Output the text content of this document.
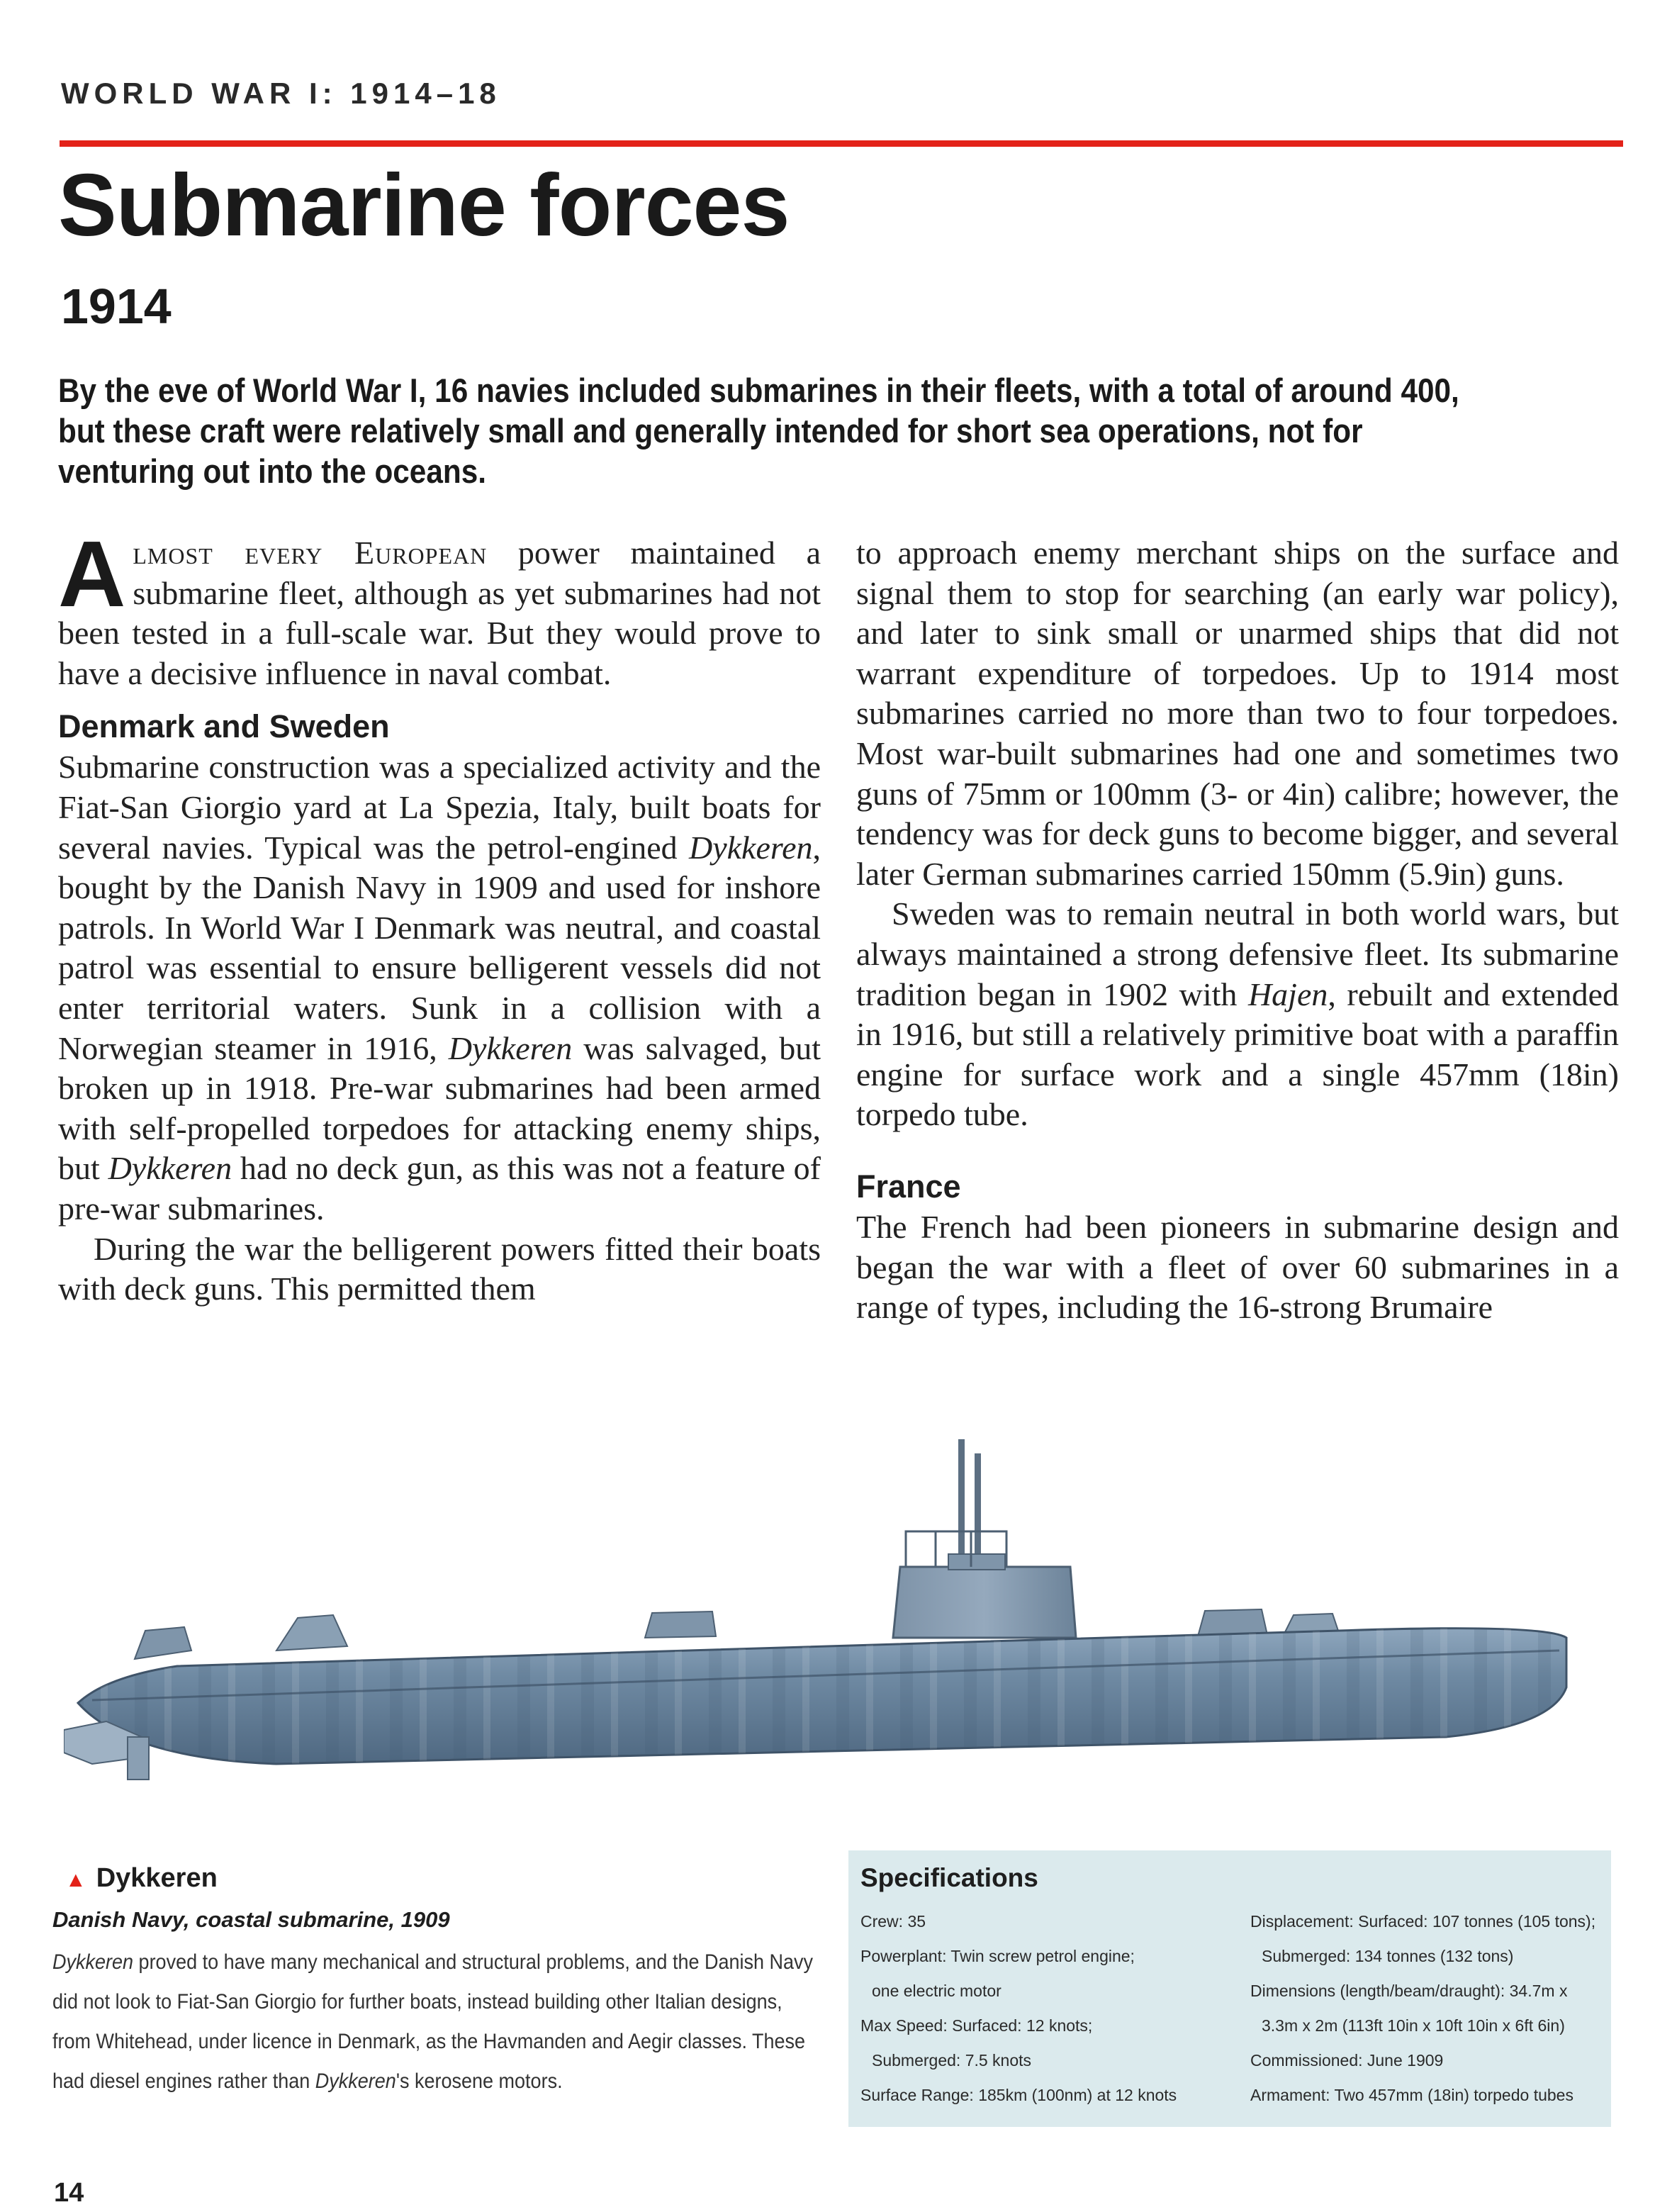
WORLD WAR I: 1914–18
Submarine forces
1914
By the eve of World War I, 16 navies included submarines in their fleets, with a total of around 400, but these craft were relatively small and generally intended for short sea operations, not for venturing out into the oceans.

Almost every European power maintained a submarine fleet, although as yet submarines had not been tested in a full-scale war. But they would prove to have a decisive influence in naval combat.

Denmark and Sweden

Submarine construction was a specialized activity and the Fiat-San Giorgio yard at La Spezia, Italy, built boats for several navies. Typical was the petrol-engined Dykkeren, bought by the Danish Navy in 1909 and used for inshore patrols. In World War I Denmark was neutral, and coastal patrol was essential to ensure belligerent vessels did not enter territorial waters. Sunk in a collision with a Norwegian steamer in 1916, Dykkeren was salvaged, but broken up in 1918. Pre-war submarines had been armed with self-propelled torpedoes for attacking enemy ships, but Dykkeren had no deck gun, as this was not a feature of pre-war submarines.

During the war the belligerent powers fitted their boats with deck guns. This permitted them

to approach enemy merchant ships on the surface and signal them to stop for searching (an early war policy), and later to sink small or unarmed ships that did not warrant expenditure of torpedoes. Up to 1914 most submarines carried no more than two to four torpedoes. Most war-built submarines had one and sometimes two guns of 75mm or 100mm (3- or 4in) calibre; however, the tendency was for deck guns to become bigger, and several later German submarines carried 150mm (5.9in) guns.

Sweden was to remain neutral in both world wars, but always maintained a strong defensive fleet. Its submarine tradition began in 1902 with Hajen, rebuilt and extended in 1916, but still a relatively primitive boat with a paraffin engine for surface work and a single 457mm (18in) torpedo tube.

France

The French had been pioneers in submarine design and began the war with a fleet of over 60 submarines in a range of types, including the 16-strong Brumaire

▲ Dykkeren
Danish Navy, coastal submarine, 1909
Dykkeren proved to have many mechanical and structural problems, and the Danish Navy did not look to Fiat-San Giorgio for further boats, instead building other Italian designs, from Whitehead, under licence in Denmark, as the Havmanden and Aegir classes. These had diesel engines rather than Dykkeren's kerosene motors.
Specifications
Crew: 35
Powerplant: Twin screw petrol engine;
one electric motor
Max Speed: Surfaced: 12 knots;
Submerged: 7.5 knots
Surface Range: 185km (100nm) at 12 knots
Displacement: Surfaced: 107 tonnes (105 tons);
Submerged: 134 tonnes (132 tons)
Dimensions (length/beam/draught): 34.7m x
3.3m x 2m (113ft 10in x 10ft 10in x 6ft 6in)
Commissioned: June 1909
Armament: Two 457mm (18in) torpedo tubes
14
